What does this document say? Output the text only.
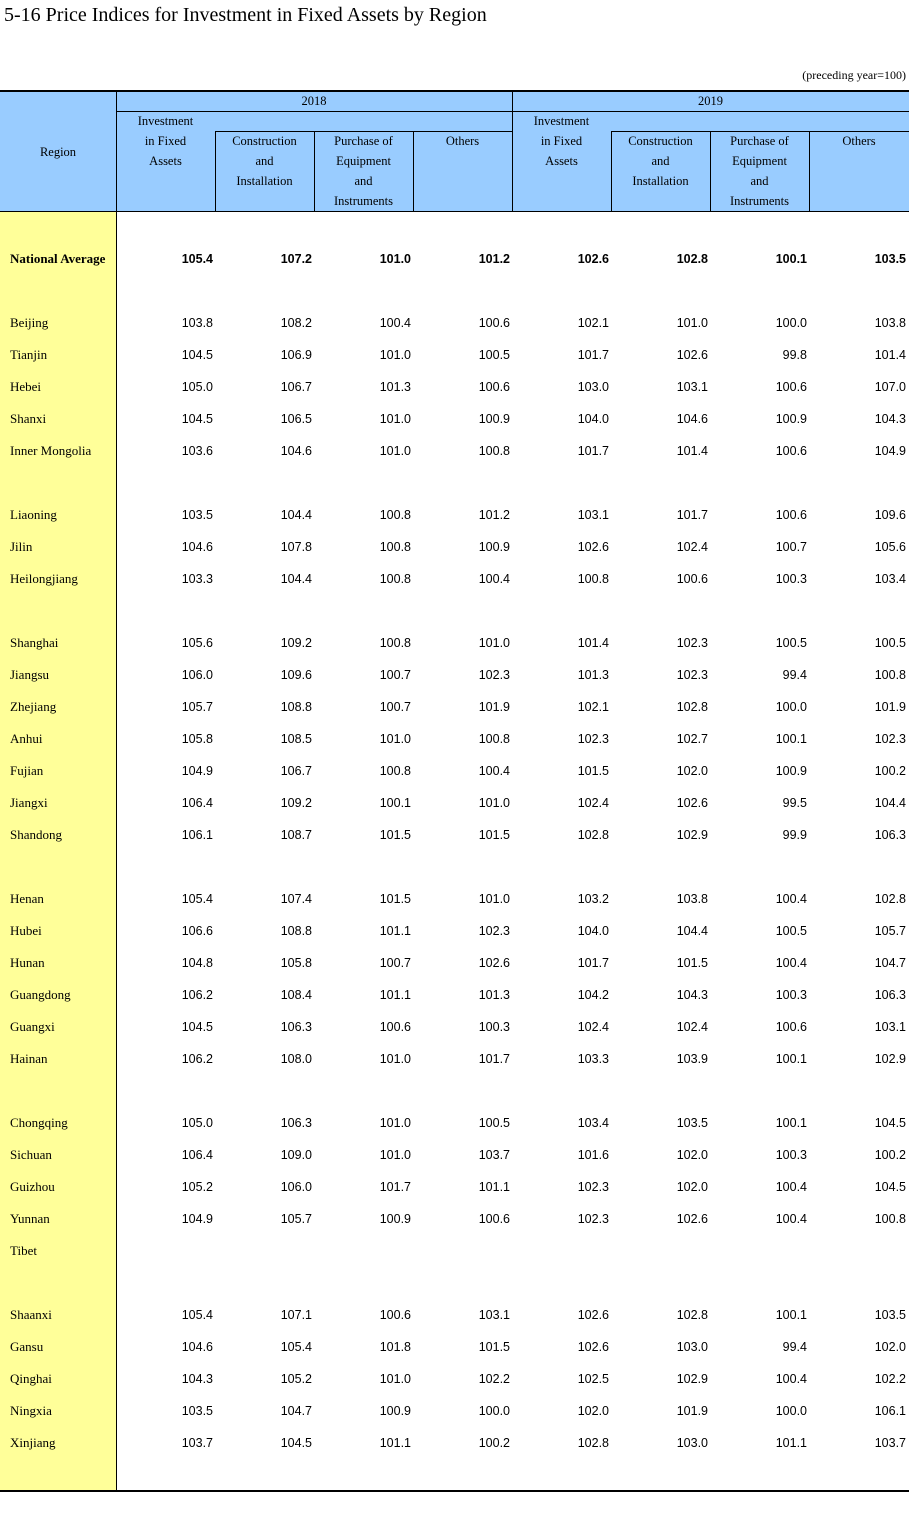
5-16 Price Indices for Investment in Fixed Assets by Region
(preceding year=100)
Region
2018	2019
Investment
in Fixed
Assets
Construction
and
Installation
Purchase of
Equipment
and
Instruments
Others
Investment
in Fixed
Assets
Construction
and
Installation
Purchase of
Equipment
and
Instruments
Others
National Average	105.4	107.2	101.0	101.2	102.6	102.8	100.1	103.5
Beijing	103.8	108.2	100.4	100.6	102.1	101.0	100.0	103.8
Tianjin	104.5	106.9	101.0	100.5	101.7	102.6	99.8	101.4
Hebei	105.0	106.7	101.3	100.6	103.0	103.1	100.6	107.0
Shanxi	104.5	106.5	101.0	100.9	104.0	104.6	100.9	104.3
Inner Mongolia	103.6	104.6	101.0	100.8	101.7	101.4	100.6	104.9
Liaoning	103.5	104.4	100.8	101.2	103.1	101.7	100.6	109.6
Jilin	104.6	107.8	100.8	100.9	102.6	102.4	100.7	105.6
Heilongjiang	103.3	104.4	100.8	100.4	100.8	100.6	100.3	103.4
Shanghai	105.6	109.2	100.8	101.0	101.4	102.3	100.5	100.5
Jiangsu	106.0	109.6	100.7	102.3	101.3	102.3	99.4	100.8
Zhejiang	105.7	108.8	100.7	101.9	102.1	102.8	100.0	101.9
Anhui	105.8	108.5	101.0	100.8	102.3	102.7	100.1	102.3
Fujian	104.9	106.7	100.8	100.4	101.5	102.0	100.9	100.2
Jiangxi	106.4	109.2	100.1	101.0	102.4	102.6	99.5	104.4
Shandong	106.1	108.7	101.5	101.5	102.8	102.9	99.9	106.3
Henan	105.4	107.4	101.5	101.0	103.2	103.8	100.4	102.8
Hubei	106.6	108.8	101.1	102.3	104.0	104.4	100.5	105.7
Hunan	104.8	105.8	100.7	102.6	101.7	101.5	100.4	104.7
Guangdong	106.2	108.4	101.1	101.3	104.2	104.3	100.3	106.3
Guangxi	104.5	106.3	100.6	100.3	102.4	102.4	100.6	103.1
Hainan	106.2	108.0	101.0	101.7	103.3	103.9	100.1	102.9
Chongqing	105.0	106.3	101.0	100.5	103.4	103.5	100.1	104.5
Sichuan	106.4	109.0	101.0	103.7	101.6	102.0	100.3	100.2
Guizhou	105.2	106.0	101.7	101.1	102.3	102.0	100.4	104.5
Yunnan	104.9	105.7	100.9	100.6	102.3	102.6	100.4	100.8
Tibet
Shaanxi	105.4	107.1	100.6	103.1	102.6	102.8	100.1	103.5
Gansu	104.6	105.4	101.8	101.5	102.6	103.0	99.4	102.0
Qinghai	104.3	105.2	101.0	102.2	102.5	102.9	100.4	102.2
Ningxia	103.5	104.7	100.9	100.0	102.0	101.9	100.0	106.1
Xinjiang	103.7	104.5	101.1	100.2	102.8	103.0	101.1	103.7
